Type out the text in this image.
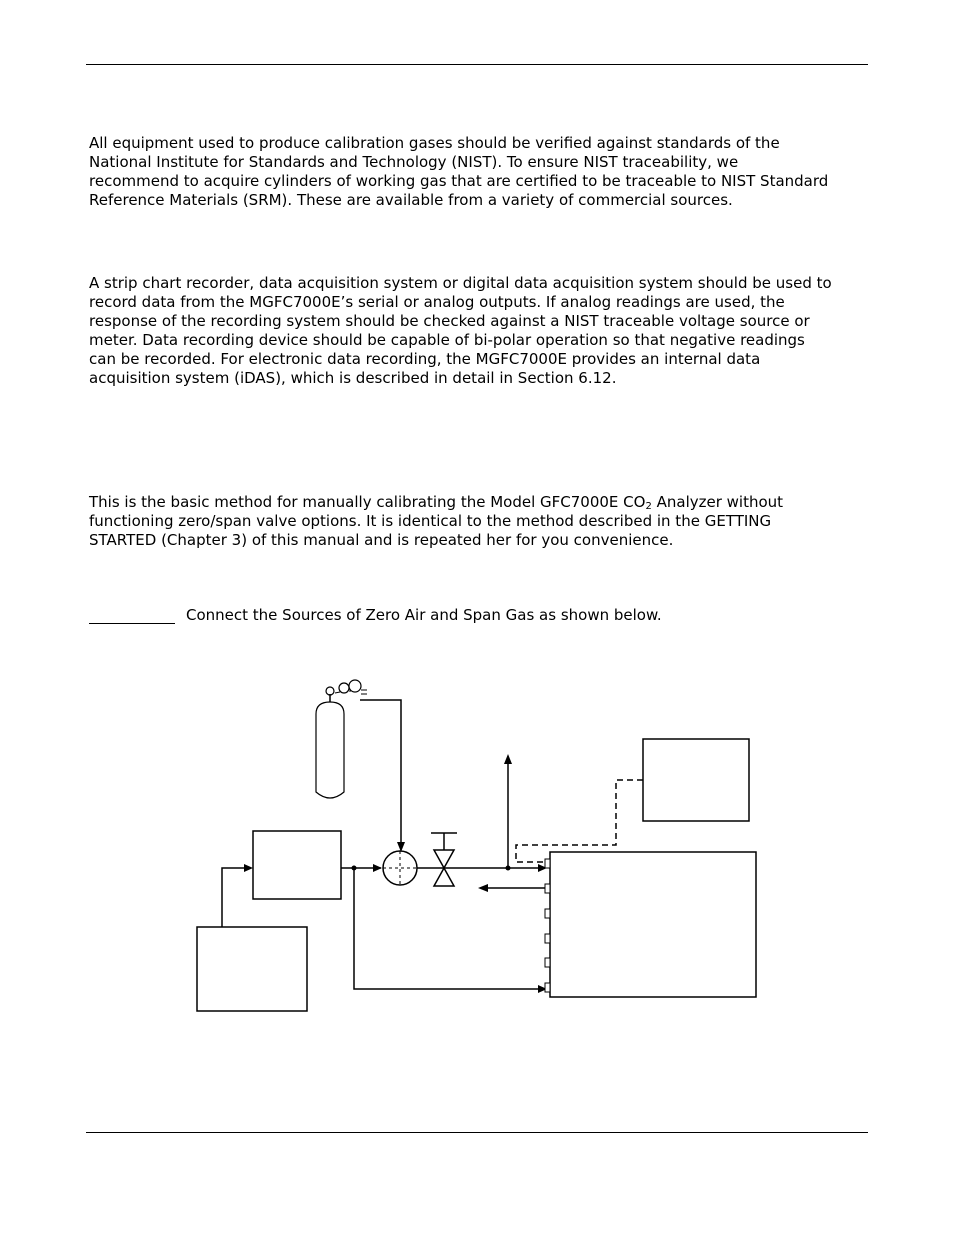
All equipment used to produce calibration gases should be verified against standards of the
National Institute for Standards and Technology (NIST). To ensure NIST traceability, we
recommend to acquire cylinders of working gas that are certified to be traceable to NIST Standard
Reference Materials (SRM). These are available from a variety of commercial sources.
A strip chart recorder, data acquisition system or digital data acquisition system should be used to
record data from the MGFC7000E’s serial or analog outputs. If analog readings are used, the
response of the recording system should be checked against a NIST traceable voltage source or
meter. Data recording device should be capable of bi-polar operation so that negative readings
can be recorded. For electronic data recording, the MGFC7000E provides an internal data
acquisition system (iDAS), which is described in detail in Section 6.12.
This is the basic method for manually calibrating the Model GFC7000E $CO_2$ Analyzer without
functioning zero/span valve options. It is identical to the method described in the GETTING
STARTED (Chapter 3) of this manual and is repeated her for you convenience.
Connect the Sources of Zero Air and Span Gas as shown below.
